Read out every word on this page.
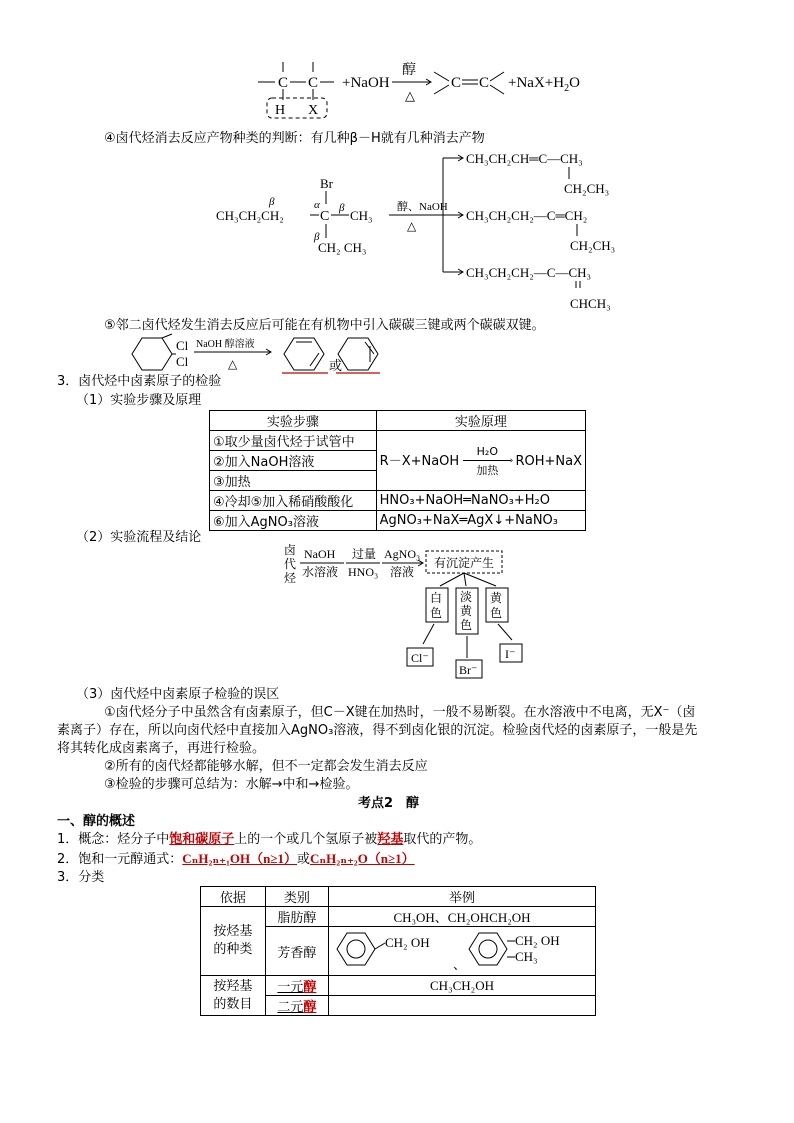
C C
H X
+NaOH
醇
△
C $C +NaX+H_2O$
④卤代烃消去反应产物种类的判断：有几种β－H就有几种消去产物
Br
α
β	β
β
CH₃CH₂CH₂	C CH₃
CH₂ CH₃
醇、NaOH
△
CH₃CH₂CH═C—CH₃
CH₂CH₃
CH₃CH₂CH₂—C═CH₂
CH₂CH₃
CH₃CH₂CH₂—C—CH₃
CHCH₃
⑤邻二卤代烃发生消去反应后可能在有机物中引入碳碳三键或两个碳碳双键。
Cl
Cl
NaOH 醇溶液
△	或
3．卤代烃中卤素原子的检验
（1）实验步骤及原理
实验步骤	实验原理
①取少量卤代烃于试管中	R－X+NaOH
H₂O
›
加热
ROH+NaX
②加入NaOH溶液	
③加热	
④冷却⑤加入稀硝酸酸化	HNO₃+NaOH═NaNO₃+H₂O
⑥加入AgNO₃溶液	AgNO₃+NaX═AgX↓+NaNO₃
（2）实验流程及结论
卤
代
烃
NaOH
水溶液
过量
HNO₃
AgNO₃
溶液
有沉淀产生
白
色
淡
黄
色
黄
色
Cl⁻
Br⁻
I⁻
（3）卤代烃中卤素原子检验的误区
①卤代烃分子中虽然含有卤素原子，但C－X键在加热时，一般不易断裂。在水溶液中不电离，无X⁻（卤
素离子）存在，所以向卤代烃中直接加入AgNO₃溶液，得不到卤化银的沉淀。检验卤代烃的卤素原子，一般是先
将其转化成卤素离子，再进行检验。
②所有的卤代烃都能够水解，但不一定都会发生消去反应
③检验的步骤可总结为：水解→中和→检验。
考点2　醇
一、醇的概述
1．概念：烃分子中饱和碳原子上的一个或几个氢原子被羟基取代的产物。
2．饱和一元醇通式：CₙH₂ₙ₊₁OH（n≥1）或CₙH₂ₙ₊₂O（n≥1）
3．分类
依据	类别	举例

按烃基
的种类	脂肪醇	CH₃OH、CH₂OHCH₂OH
	芳香醇	CH₂ OH
、
CH₂ OH
CH₃

按羟基
的数目	一元醇	CH₃CH₂OH
	二元醇	
